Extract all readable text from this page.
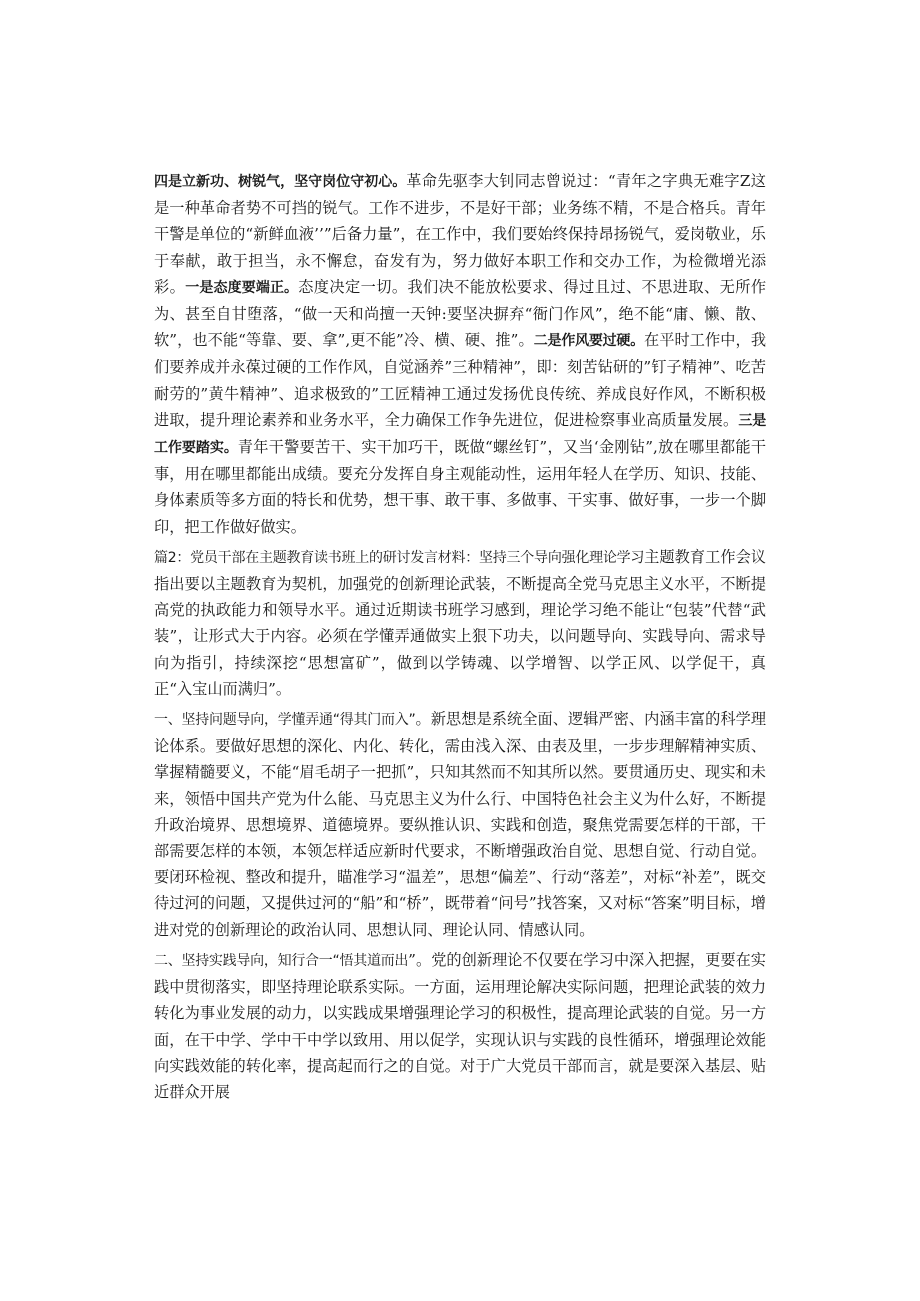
四是立新功、树锐气，坚守岗位守初心。革命先驱李大钊同志曾说过：“青年之字典无难字Z这是一种革命者势不可挡的锐气。工作不进步，不是好干部；业务练不精，不是合格兵。青年干警是单位的“新鲜血液’’”后备力量”，在工作中，我们要始终保持昂扬锐气，爱岗敬业，乐于奉献，敢于担当，永不懈怠，奋发有为，努力做好本职工作和交办工作，为检微增光添彩。一是态度要端正。态度决定一切。我们决不能放松要求、得过且过、不思进取、无所作为、甚至自甘堕落，“做一天和尚擅一天钟:要坚决摒弃“衙门作风”，绝不能“庸、懒、散、软”，也不能“等靠、要、拿”,更不能”冷、横、硬、推”。二是作风要过硬。在平时工作中，我们要养成并永葆过硬的工作作风，自觉涵养”三种精神”，即：刻苦钻研的”钉子精神”、吃苦耐劳的”黄牛精神”、追求极致的”工匠精神工通过发扬优良传统、养成良好作风，不断积极进取，提升理论素养和业务水平，全力确保工作争先进位，促进检察事业高质量发展。三是工作要踏实。青年干警要苦干、实干加巧干，既做“螺丝钉”，又当‘金刚钻”,放在哪里都能干事，用在哪里都能出成绩。要充分发挥自身主观能动性，运用年轻人在学历、知识、技能、身体素质等多方面的特长和优势，想干事、敢干事、多做事、干实事、做好事，一步一个脚印，把工作做好做实。

篇2：党员干部在主题教育读书班上的研讨发言材料：坚持三个导向强化理论学习主题教育工作会议指出要以主题教育为契机，加强党的创新理论武装，不断提高全党马克思主义水平，不断提高党的执政能力和领导水平。通过近期读书班学习感到，理论学习绝不能让“包装”代替“武装”，让形式大于内容。必须在学懂弄通做实上狠下功夫，以问题导向、实践导向、需求导向为指引，持续深挖“思想富矿”，做到以学铸魂、以学增智、以学正风、以学促干，真正“入宝山而满归”。

一、坚持问题导向，学懂弄通“得其门而入”。新思想是系统全面、逻辑严密、内涵丰富的科学理论体系。要做好思想的深化、内化、转化，需由浅入深、由表及里，一步步理解精神实质、掌握精髓要义，不能“眉毛胡子一把抓”，只知其然而不知其所以然。要贯通历史、现实和未来，领悟中国共产党为什么能、马克思主义为什么行、中国特色社会主义为什么好，不断提升政治境界、思想境界、道德境界。要纵推认识、实践和创造，聚焦党需要怎样的干部，干部需要怎样的本领，本领怎样适应新时代要求，不断增强政治自觉、思想自觉、行动自觉。要闭环检视、整改和提升，瞄准学习“温差”，思想“偏差”、行动“落差”，对标“补差”，既交待过河的问题，又提供过河的“船”和“桥”，既带着“问号”找答案，又对标“答案”明目标，增进对党的创新理论的政治认同、思想认同、理论认同、情感认同。

二、坚持实践导向，知行合一“悟其道而出”。党的创新理论不仅要在学习中深入把握，更要在实践中贯彻落实，即坚持理论联系实际。一方面，运用理论解决实际问题，把理论武装的效力转化为事业发展的动力，以实践成果增强理论学习的积极性，提高理论武装的自觉。另一方面，在干中学、学中干中学以致用、用以促学，实现认识与实践的良性循环，增强理论效能向实践效能的转化率，提高起而行之的自觉。对于广大党员干部而言，就是要深入基层、贴近群众开展
